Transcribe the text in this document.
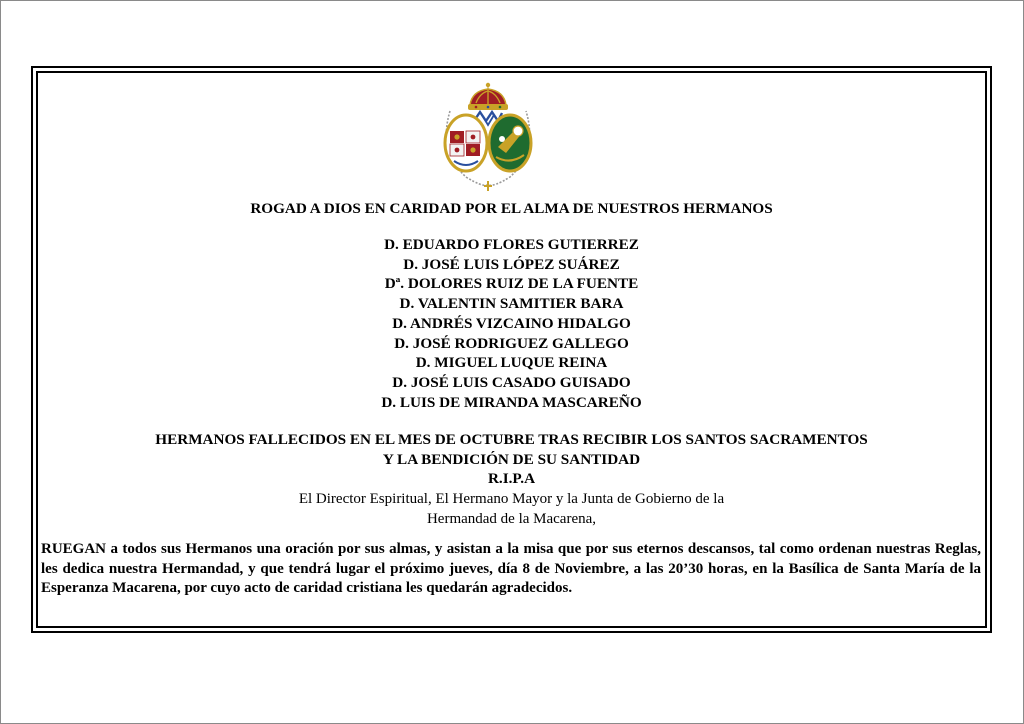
ROGAD A DIOS EN CARIDAD POR EL ALMA DE NUESTROS HERMANOS
D. EDUARDO FLORES GUTIERREZ
D. JOSÉ LUIS LÓPEZ SUÁREZ
Dª. DOLORES RUIZ DE LA FUENTE
D. VALENTIN SAMITIER BARA
D. ANDRÉS VIZCAINO HIDALGO
D. JOSÉ RODRIGUEZ GALLEGO
D. MIGUEL LUQUE REINA
D. JOSÉ LUIS CASADO GUISADO
D. LUIS DE MIRANDA MASCAREÑO
HERMANOS FALLECIDOS EN EL MES DE OCTUBRE TRAS RECIBIR LOS SANTOS SACRAMENTOS
Y LA BENDICIÓN DE SU SANTIDAD
R.I.P.A
El Director Espiritual, El Hermano Mayor y la Junta de Gobierno de la
Hermandad de la Macarena,
RUEGAN a todos sus Hermanos una oración por sus almas, y asistan a la misa que por sus eternos descansos, tal como ordenan nuestras Reglas, les dedica nuestra Hermandad, y que tendrá lugar el próximo jueves, día 8 de Noviembre, a las 20’30 horas, en la Basílica de Santa María de la Esperanza Macarena, por cuyo acto de caridad cristiana les quedarán agradecidos.
